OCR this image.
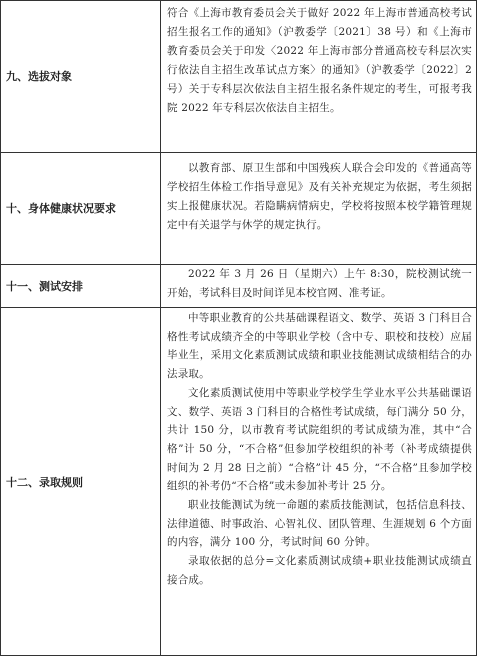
九、选拔对象

符合《上海市教育委员会关于做好 2022 年上海市普通高校考试招生报名工作的通知》（沪教委学〔2021〕38 号）和《上海市教育委员会关于印发〈2022 年上海市部分普通高校专科层次实行依法自主招生改革试点方案〉的通知》（沪教委学〔2022〕2 号）关于专科层次依法自主招生报名条件规定的考生，可报考我院 2022 年专科层次依法自主招生。

十、身体健康状况要求

以教育部、原卫生部和中国残疾人联合会印发的《普通高等学校招生体检工作指导意见》及有关补充规定为依据，考生须据实上报健康状况。若隐瞒病情病史，学校将按照本校学籍管理规定中有关退学与休学的规定执行。

十一、测试安排

2022 年 3 月 26 日（星期六）上午 8:30，院校测试统一开始，考试科目及时间详见本校官网、准考证。

十二、录取规则

中等职业教育的公共基础课程语文、数学、英语 3 门科目合格性考试成绩齐全的中等职业学校（含中专、职校和技校）应届毕业生，采用文化素质测试成绩和职业技能测试成绩相结合的办法录取。

文化素质测试使用中等职业学校学生学业水平公共基础课语文、数学、英语 3 门科目的合格性考试成绩，每门满分 50 分，共计 150 分，以市教育考试院组织的考试成绩为准，其中“合格”计 50 分，“不合格”但参加学校组织的补考（补考成绩提供时间为 2 月 28 日之前）“合格”计 45 分，“不合格”且参加学校组织的补考仍“不合格”或未参加补考计 25 分。

职业技能测试为统一命题的素质技能测试，包括信息科技、法律道德、时事政治、心智礼仪、团队管理、生涯规划 6 个方面的内容，满分 100 分，考试时间 60 分钟。

录取依据的总分=文化素质测试成绩+职业技能测试成绩直接合成。
